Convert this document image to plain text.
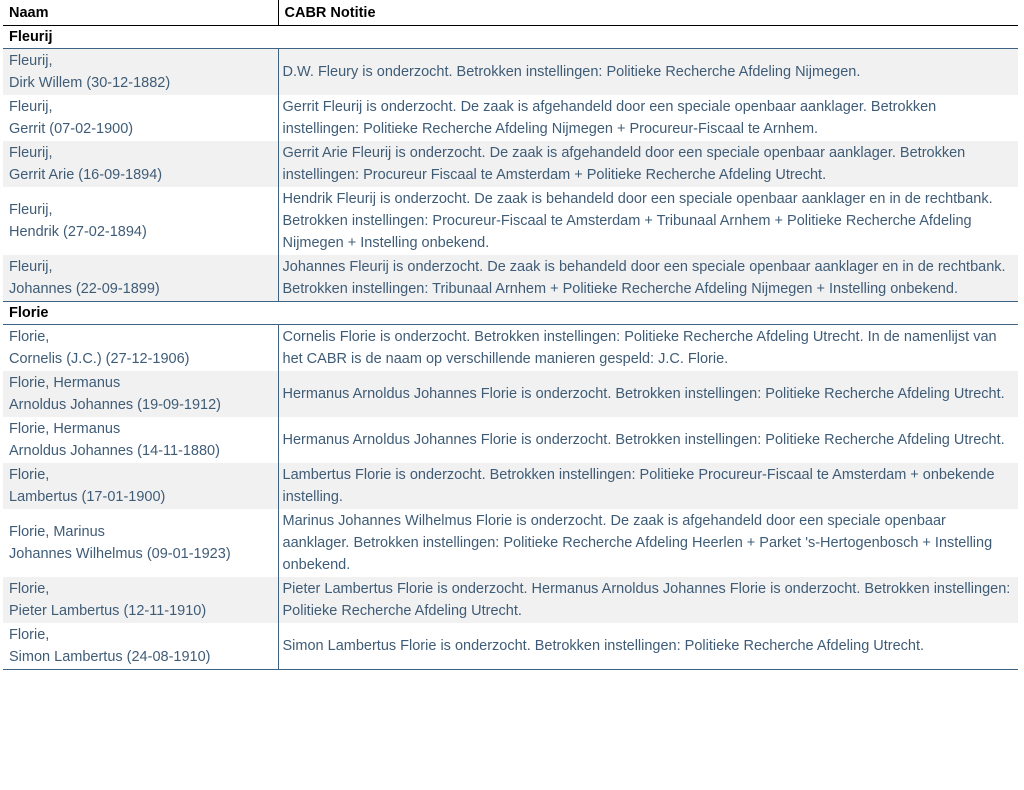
Naam	CABR Notitie
Fleurij	

Fleurij,
Dirk Willem (30-12-1882)	D.W. Fleury is onderzocht. Betrokken instellingen: Politieke Recherche Afdeling Nijmegen.

Fleurij,
Gerrit (07-02-1900)	Gerrit Fleurij is onderzocht. De zaak is afgehandeld door een speciale openbaar aanklager. Betrokken instellingen: Politieke Recherche Afdeling Nijmegen + Procureur-Fiscaal te Arnhem.

Fleurij,
Gerrit Arie (16-09-1894)	Gerrit Arie Fleurij is onderzocht. De zaak is afgehandeld door een speciale openbaar aanklager. Betrokken instellingen: Procureur Fiscaal te Amsterdam + Politieke Recherche Afdeling Utrecht.

Fleurij,
Hendrik (27-02-1894)	Hendrik Fleurij is onderzocht. De zaak is behandeld door een speciale openbaar aanklager en in de rechtbank. Betrokken instellingen: Procureur-Fiscaal te Amsterdam + Tribunaal Arnhem + Politieke Recherche Afdeling Nijmegen + Instelling onbekend.

Fleurij,
Johannes (22-09-1899)	Johannes Fleurij is onderzocht. De zaak is behandeld door een speciale openbaar aanklager en in de rechtbank. Betrokken instellingen: Tribunaal Arnhem + Politieke Recherche Afdeling Nijmegen + Instelling onbekend.
Florie	

Florie,
Cornelis (J.C.) (27-12-1906)	Cornelis Florie is onderzocht. Betrokken instellingen: Politieke Recherche Afdeling Utrecht. In de namenlijst van het CABR is de naam op verschillende manieren gespeld: J.C. Florie.

Florie, Hermanus
Arnoldus Johannes (19-09-1912)	Hermanus Arnoldus Johannes Florie is onderzocht. Betrokken instellingen: Politieke Recherche Afdeling Utrecht.

Florie, Hermanus
Arnoldus Johannes (14-11-1880)	Hermanus Arnoldus Johannes Florie is onderzocht. Betrokken instellingen: Politieke Recherche Afdeling Utrecht.

Florie,
Lambertus (17-01-1900)	Lambertus Florie is onderzocht. Betrokken instellingen: Politieke Procureur-Fiscaal te Amsterdam + onbekende instelling.

Florie, Marinus
Johannes Wilhelmus (09-01-1923)	Marinus Johannes Wilhelmus Florie is onderzocht. De zaak is afgehandeld door een speciale openbaar aanklager. Betrokken instellingen: Politieke Recherche Afdeling Heerlen + Parket 's-Hertogenbosch + Instelling onbekend.

Florie,
Pieter Lambertus (12-11-1910)	Pieter Lambertus Florie is onderzocht. Hermanus Arnoldus Johannes Florie is onderzocht. Betrokken instellingen: Politieke Recherche Afdeling Utrecht.

Florie,
Simon Lambertus (24-08-1910)	Simon Lambertus Florie is onderzocht. Betrokken instellingen: Politieke Recherche Afdeling Utrecht.
